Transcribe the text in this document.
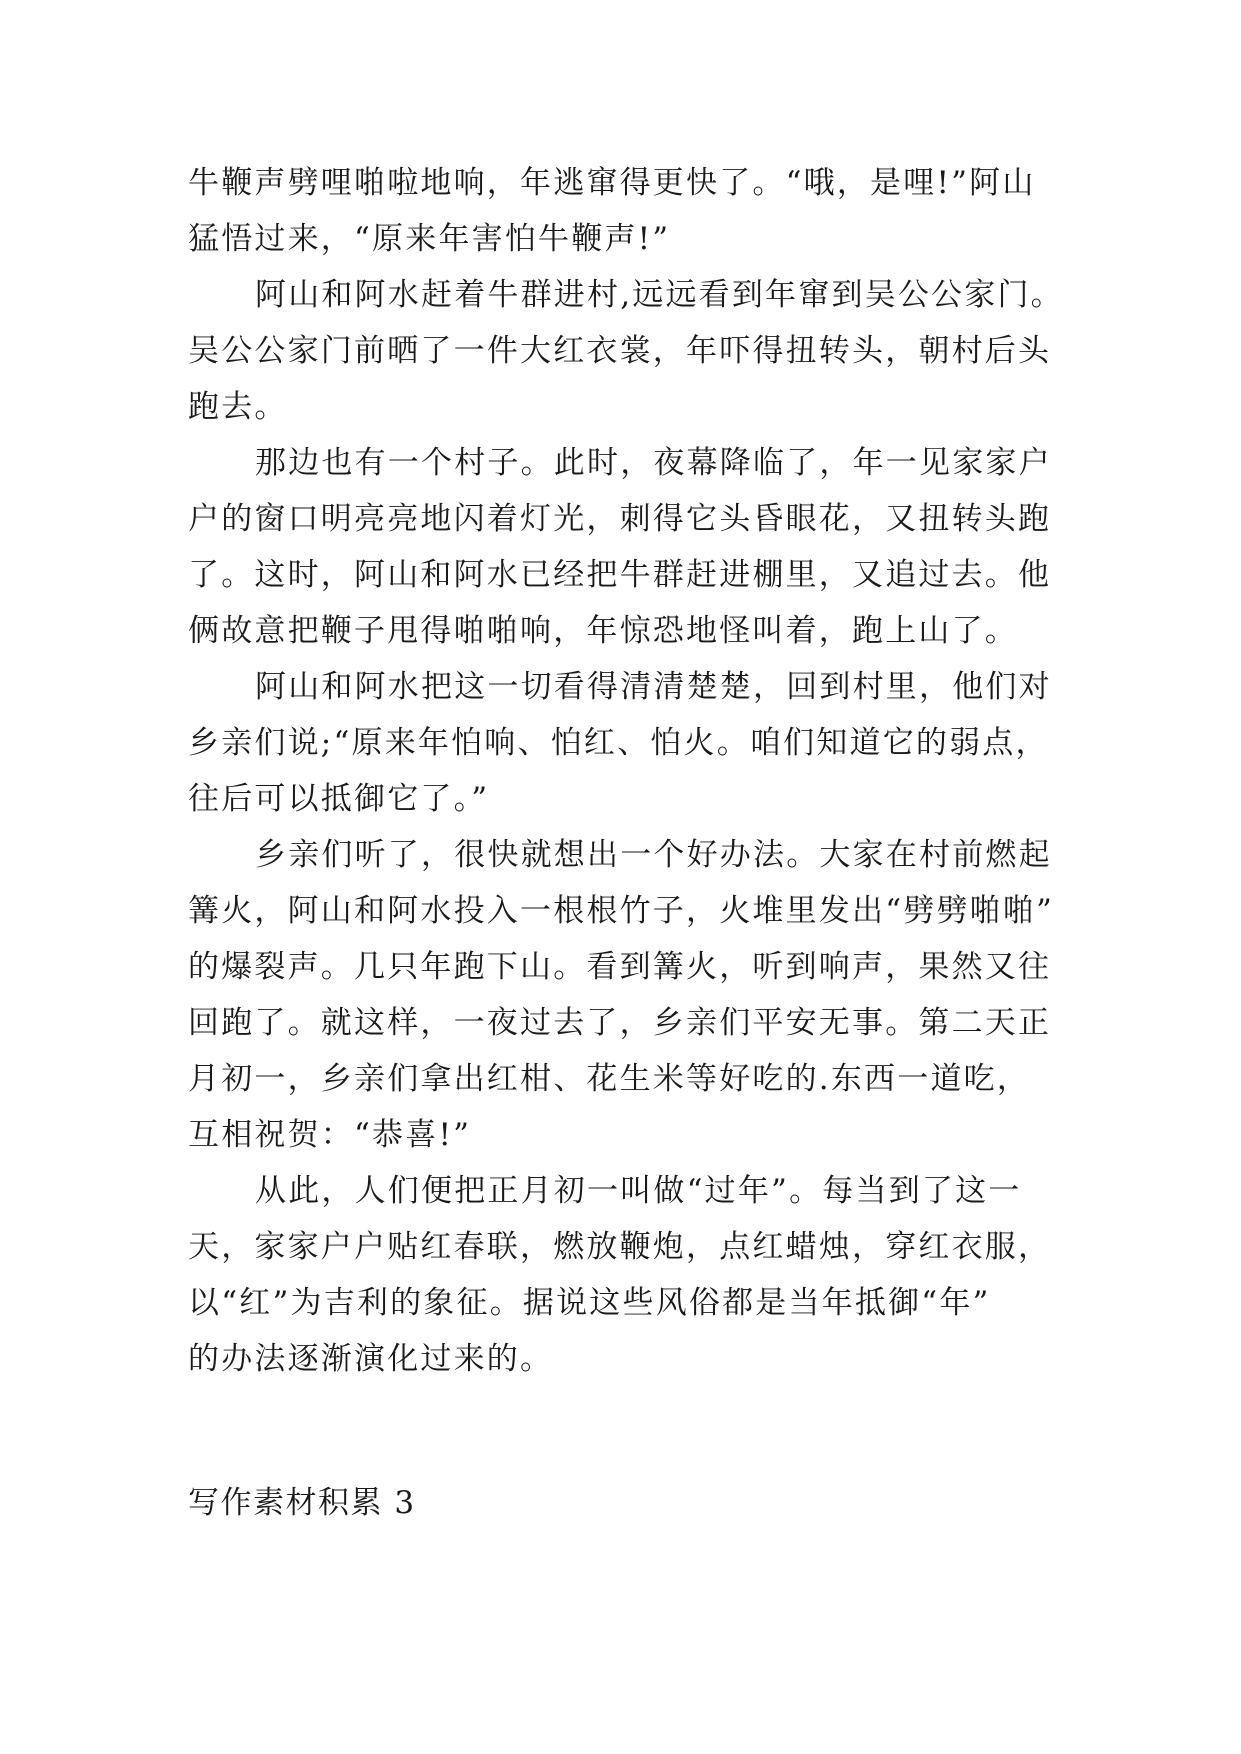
牛鞭声劈哩啪啦地响，年逃窜得更快了。“哦，是哩!”阿山
猛悟过来，“原来年害怕牛鞭声!”
阿山和阿水赶着牛群进村,远远看到年窜到吴公公家门。
吴公公家门前晒了一件大红衣裳，年吓得扭转头，朝村后头
跑去。
那边也有一个村子。此时，夜幕降临了，年一见家家户
户的窗口明亮亮地闪着灯光，刺得它头昏眼花，又扭转头跑
了。这时，阿山和阿水已经把牛群赶进棚里，又追过去。他
俩故意把鞭子甩得啪啪响，年惊恐地怪叫着，跑上山了。
阿山和阿水把这一切看得清清楚楚，回到村里，他们对
乡亲们说;“原来年怕响、怕红、怕火。咱们知道它的弱点，
往后可以抵御它了。”
乡亲们听了，很快就想出一个好办法。大家在村前燃起
篝火，阿山和阿水投入一根根竹子，火堆里发出“劈劈啪啪”
的爆裂声。几只年跑下山。看到篝火，听到响声，果然又往
回跑了。就这样，一夜过去了，乡亲们平安无事。第二天正
月初一，乡亲们拿出红柑、花生米等好吃的.东西一道吃，
互相祝贺：“恭喜!”
从此，人们便把正月初一叫做“过年”。每当到了这一
天，家家户户贴红春联，燃放鞭炮，点红蜡烛，穿红衣服，
以“红”为吉利的象征。据说这些风俗都是当年抵御“年”
的办法逐渐演化过来的。
写作素材积累 3
